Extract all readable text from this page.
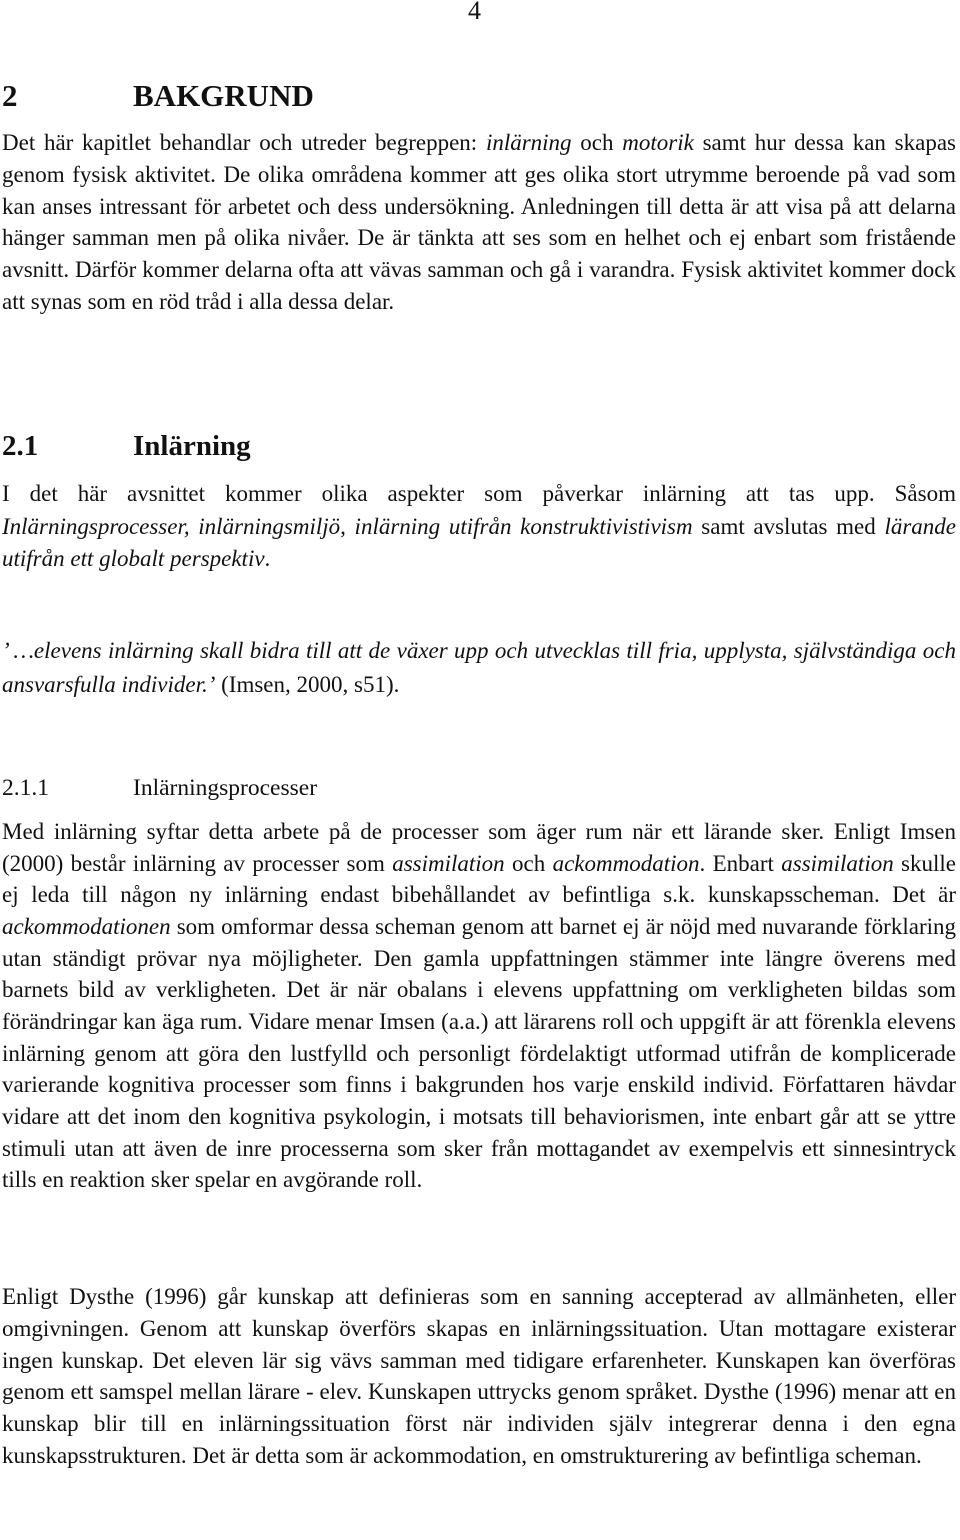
4
2	BAKGRUND

Det här kapitlet behandlar och utreder begreppen: inlärning och motorik samt hur dessa kan skapas genom fysisk aktivitet. De olika områdena kommer att ges olika stort utrymme beroende på vad som kan anses intressant för arbetet och dess undersökning. Anledningen till detta är att visa på att delarna hänger samman men på olika nivåer. De är tänkta att ses som en helhet och ej enbart som fristående avsnitt. Därför kommer delarna ofta att vävas samman och gå i varandra. Fysisk aktivitet kommer dock att synas som en röd tråd i alla dessa delar.

2.1	Inlärning

I det här avsnittet kommer olika aspekter som påverkar inlärning att tas upp. Såsom Inlärningsprocesser, inlärningsmiljö, inlärning utifrån konstruktivistivism samt avslutas med lärande utifrån ett globalt perspektiv.

’ …elevens inlärning skall bidra till att de växer upp och utvecklas till fria, upplysta, självständiga och ansvarsfulla individer.’ (Imsen, 2000, s51).

2.1.1	Inlärningsprocesser

Med inlärning syftar detta arbete på de processer som äger rum när ett lärande sker. Enligt Imsen (2000) består inlärning av processer som assimilation och ackommodation. Enbart assimilation skulle ej leda till någon ny inlärning endast bibehållandet av befintliga s.k. kunskapsscheman. Det är ackommodationen som omformar dessa scheman genom att barnet ej är nöjd med nuvarande förklaring utan ständigt prövar nya möjligheter. Den gamla uppfattningen stämmer inte längre överens med barnets bild av verkligheten. Det är när obalans i elevens uppfattning om verkligheten bildas som förändringar kan äga rum. Vidare menar Imsen (a.a.) att lärarens roll och uppgift är att förenkla elevens inlärning genom att göra den lustfylld och personligt fördelaktigt utformad utifrån de komplicerade varierande kognitiva processer som finns i bakgrunden hos varje enskild individ. Författaren hävdar vidare att det inom den kognitiva psykologin, i motsats till behaviorismen, inte enbart går att se yttre stimuli utan att även de inre processerna som sker från mottagandet av exempelvis ett sinnesintryck tills en reaktion sker spelar en avgörande roll.

Enligt Dysthe (1996) går kunskap att definieras som en sanning accepterad av allmänheten, eller omgivningen. Genom att kunskap överförs skapas en inlärningssituation. Utan mottagare existerar ingen kunskap. Det eleven lär sig vävs samman med tidigare erfarenheter. Kunskapen kan överföras genom ett samspel mellan lärare - elev. Kunskapen uttrycks genom språket. Dysthe (1996) menar att en kunskap blir till en inlärningssituation först när individen själv integrerar denna i den egna kunskapsstrukturen. Det är detta som är ackommodation, en omstrukturering av befintliga scheman.
